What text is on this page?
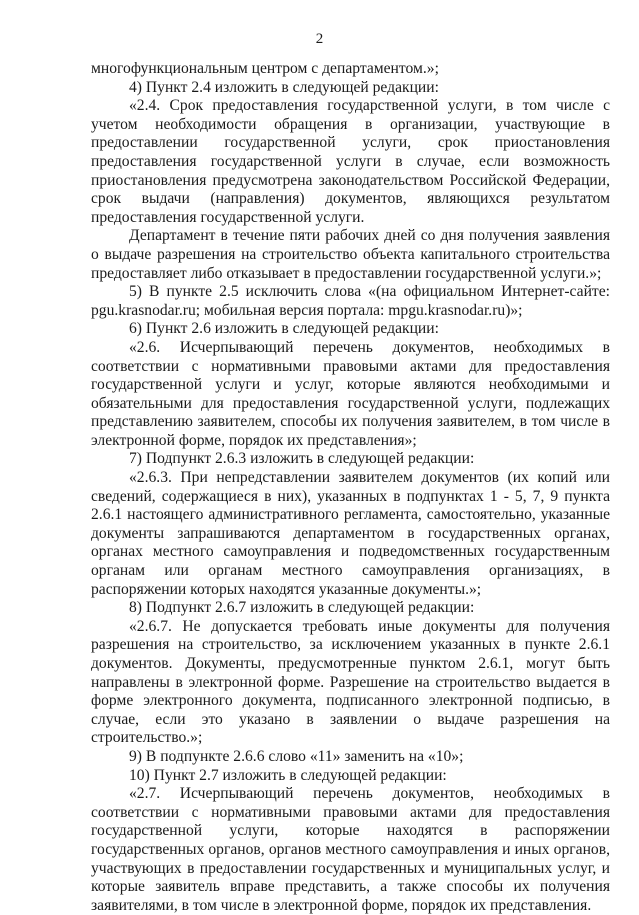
2

многофункциональным центром с департаментом.»;

4) Пункт 2.4 изложить в следующей редакции:

«2.4. Срок предоставления государственной услуги, в том числе с учетом необходимости обращения в организации, участвующие в предоставлении государственной услуги, срок приостановления предоставления государственной услуги в случае, если возможность приостановления предусмотрена законодательством Российской Федерации, срок выдачи (направления) документов, являющихся результатом предоставления государственной услуги.

Департамент в течение пяти рабочих дней со дня получения заявления о выдаче разрешения на строительство объекта капитального строительства предоставляет либо отказывает в предоставлении государственной услуги.»;

5) В пункте 2.5 исключить слова «(на официальном Интернет-сайте: pgu.krasnodar.ru; мобильная версия портала: mpgu.krasnodar.ru)»;

6) Пункт 2.6 изложить в следующей редакции:

«2.6. Исчерпывающий перечень документов, необходимых в соответствии с нормативными правовыми актами для предоставления государственной услуги и услуг, которые являются необходимыми и обязательными для предоставления государственной услуги, подлежащих представлению заявителем, способы их получения заявителем, в том числе в электронной форме, порядок их представления»;

7) Подпункт 2.6.3 изложить в следующей редакции:

«2.6.3. При непредставлении заявителем документов (их копий или сведений, содержащиеся в них), указанных в подпунктах 1 - 5, 7, 9 пункта 2.6.1 настоящего административного регламента, самостоятельно, указанные документы запрашиваются департаментом в государственных органах, органах местного самоуправления и подведомственных государственным органам или органам местного самоуправления организациях, в распоряжении которых находятся указанные документы.»;

8) Подпункт 2.6.7 изложить в следующей редакции:

«2.6.7. Не допускается требовать иные документы для получения разрешения на строительство, за исключением указанных в пункте 2.6.1 документов. Документы, предусмотренные пунктом 2.6.1, могут быть направлены в электронной форме. Разрешение на строительство выдается в форме электронного документа, подписанного электронной подписью, в случае, если это указано в заявлении о выдаче разрешения на строительство.»;

9) В подпункте 2.6.6 слово «11» заменить на «10»;

10) Пункт 2.7 изложить в следующей редакции:

«2.7. Исчерпывающий перечень документов, необходимых в соответствии с нормативными правовыми актами для предоставления государственной услуги, которые находятся в распоряжении государственных органов, органов местного самоуправления и иных органов, участвующих в предоставлении государственных и муниципальных услуг, и которые заявитель вправе представить, а также способы их получения заявителями, в том числе в электронной форме, порядок их представления.
